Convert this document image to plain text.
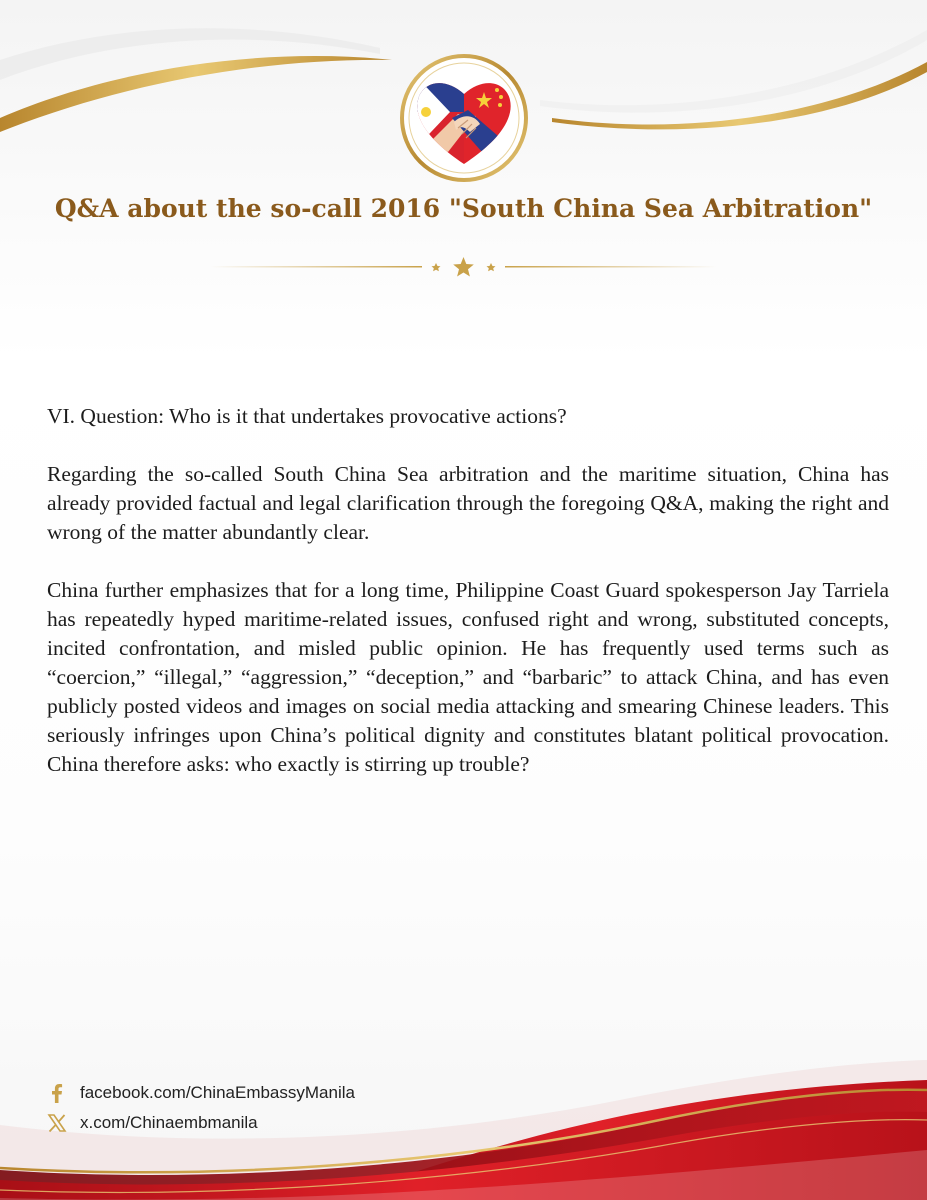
Q&A about the so-call 2016 "South China Sea Arbitration"

VI. Question: Who is it that undertakes provocative actions?

Regarding the so-called South China Sea arbitration and the maritime situation, China has already provided factual and legal clarification through the foregoing Q&A, making the right and wrong of the matter abundantly clear.

China further emphasizes that for a long time, Philippine Coast Guard spokesperson Jay Tarriela has repeatedly hyped maritime-related issues, confused right and wrong, substituted concepts, incited confrontation, and misled public opinion. He has frequently used terms such as “coercion,” “illegal,” “aggression,” “deception,” and “barbaric” to attack China, and has even publicly posted videos and images on social media attacking and smearing Chinese leaders. This seriously infringes upon China’s political dignity and constitutes blatant political provocation. China therefore asks: who exactly is stirring up trouble?

facebook.com/ChinaEmbassyManila
x.com/Chinaembmanila
